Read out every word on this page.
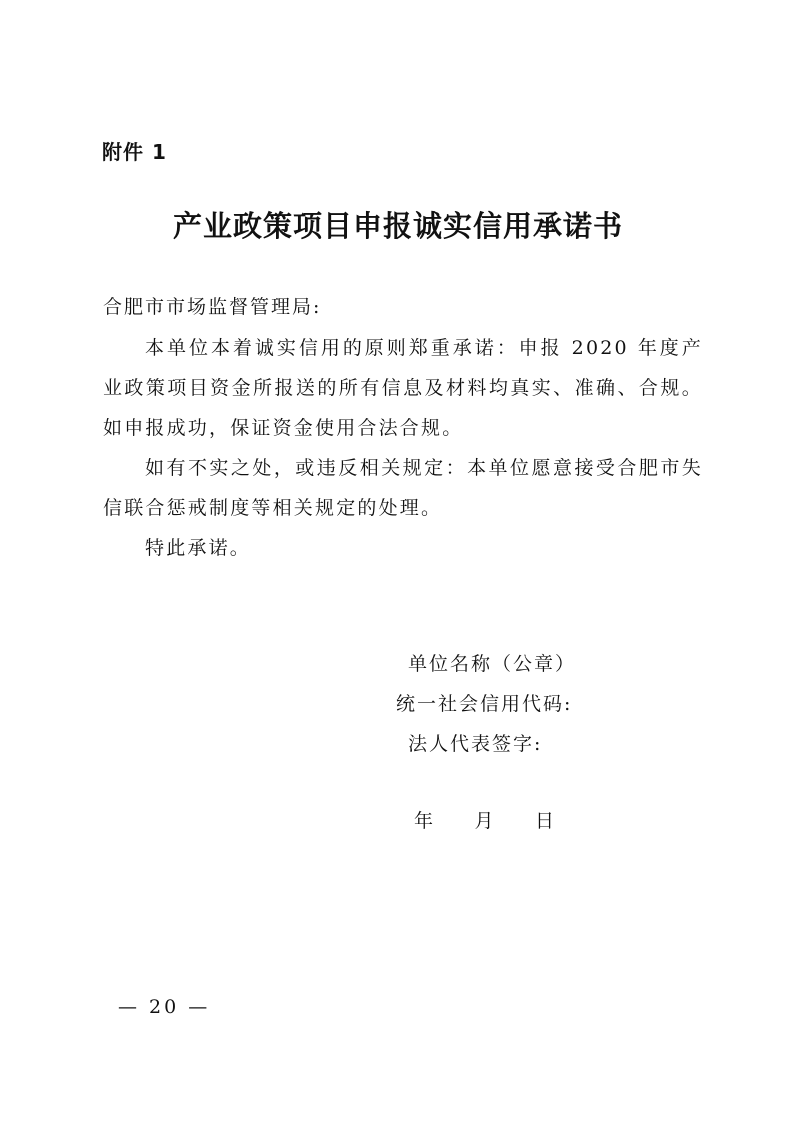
附件 1
产业政策项目申报诚实信用承诺书
合肥市市场监督管理局:

本单位本着诚实信用的原则郑重承诺：申报 2020 年度产业政策项目资金所报送的所有信息及材料均真实、准确、合规。如申报成功，保证资金使用合法合规。

如有不实之处，或违反相关规定：本单位愿意接受合肥市失信联合惩戒制度等相关规定的处理。

特此承诺。

单位名称（公章）
统一社会信用代码:
法人代表签字:
年 月 日
— 20 —
